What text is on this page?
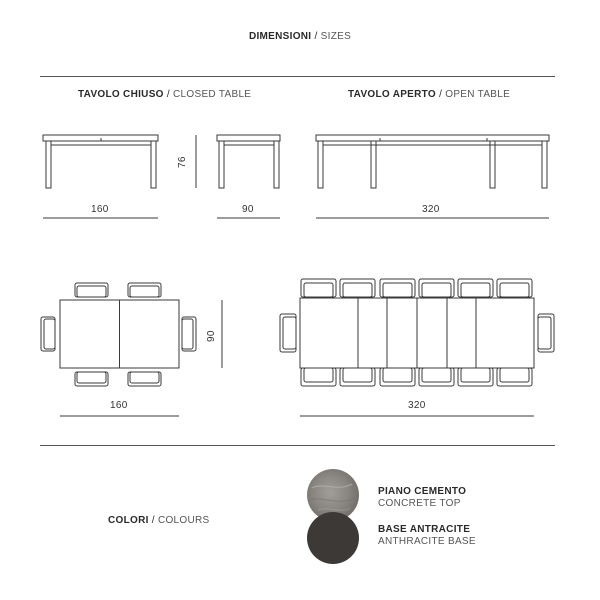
DIMENSIONI / SIZES
TAVOLO CHIUSO / CLOSED TABLE	TAVOLO APERTO / OPEN TABLE
160
76
90	320
90
160	320
COLORI / COLOURS
PIANO CEMENTO
CONCRETE TOP
BASE ANTRACITE
ANTHRACITE BASE
